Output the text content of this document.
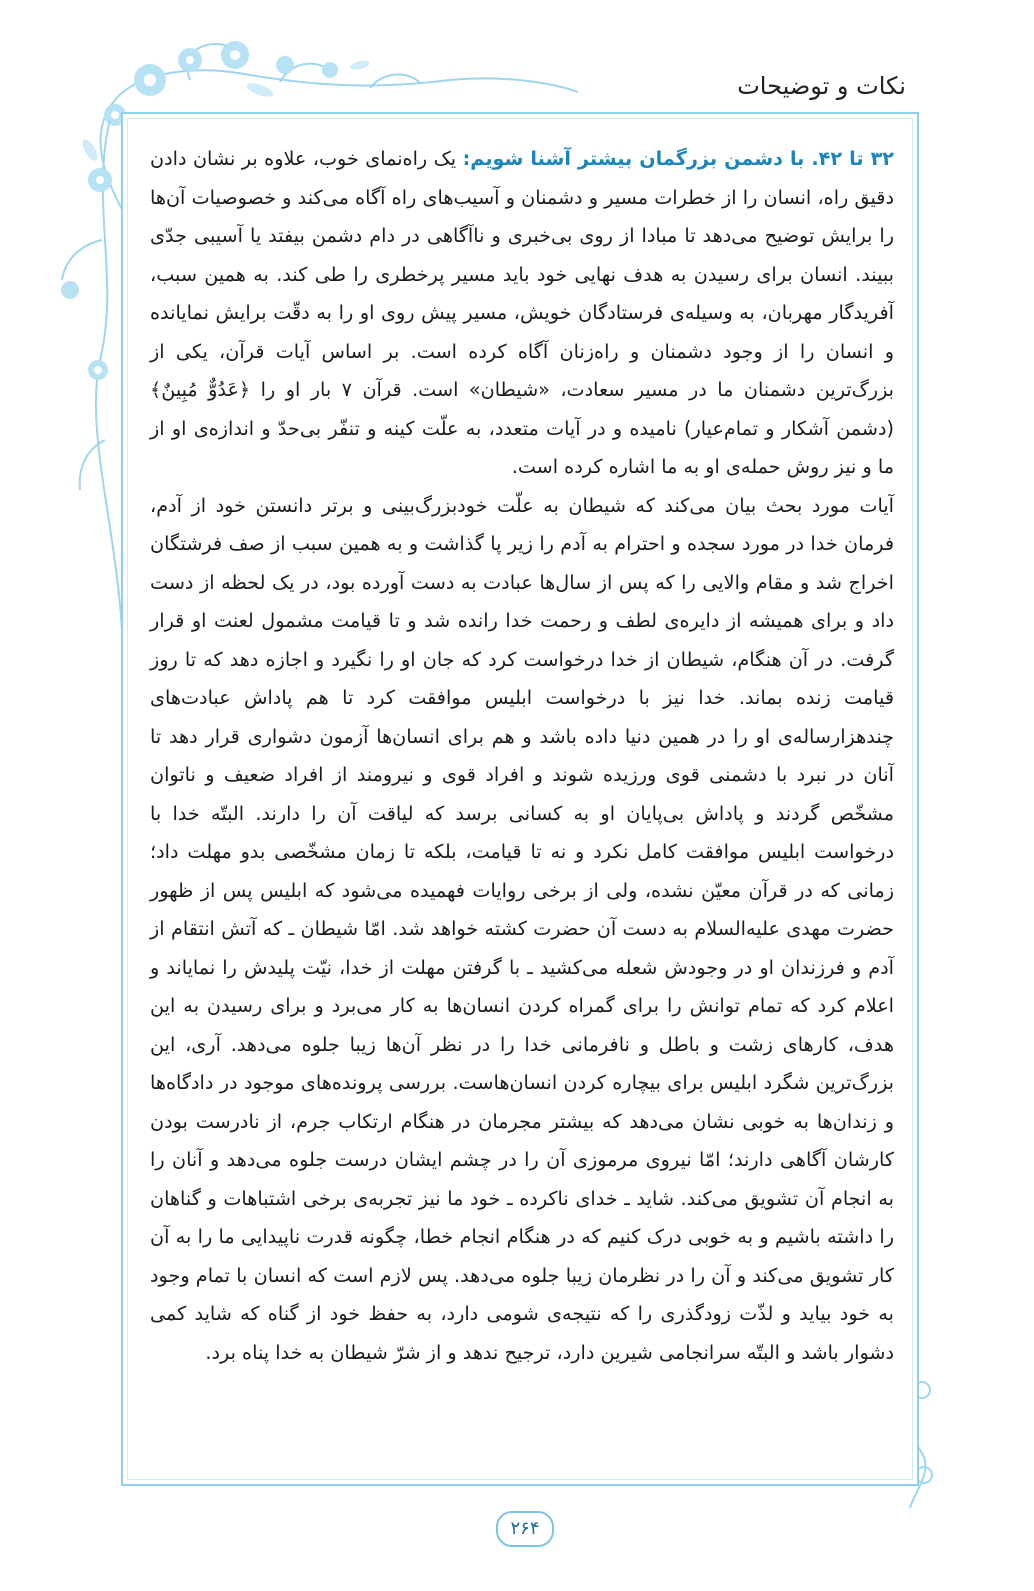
نکات و توضیحات

۳۲ تا ۴۲. با دشمن بزرگمان بیشتر آشنا شویم: یک راه‌نمای خوب، علاوه بر نشان دادن دقیق راه، انسان را از خطرات مسیر و دشمنان و آسیب‌های راه آگاه می‌کند و خصوصیات آن‌ها را برایش توضیح می‌دهد تا مبادا از روی بی‌خبری و ناآگاهی در دام دشمن بیفتد یا آسیبی جدّی ببیند. انسان برای رسیدن به هدف نهایی خود باید مسیر پرخطری را طی کند. به همین سبب، آفریدگار مهربان، به وسیله‌ی فرستادگان خویش، مسیر پیش روی او را به دقّت برایش نمایانده و انسان را از وجود دشمنان و راه‌زنان آگاه کرده است. بر اساس آیات قرآن، یکی از بزرگ‌ترین دشمنان ما در مسیر سعادت، «شیطان» است. قرآن ۷ بار او را ﴿عَدُوٌّ مُبِينٌ﴾ (دشمن آشکار و تمام‌عیار) نامیده و در آیات متعدد، به علّت کینه و تنفّر بی‌حدّ و اندازه‌ی او از ما و نیز روش حمله‌ی او به ما اشاره کرده است.

آیات مورد بحث بیان می‌کند که شیطان به علّت خودبزرگ‌بینی و برتر دانستن خود از آدم، فرمان خدا در مورد سجده و احترام به آدم را زیر پا گذاشت و به همین سبب از صف فرشتگان اخراج شد و مقام والایی را که پس از سال‌ها عبادت به دست آورده بود، در یک لحظه از دست داد و برای همیشه از دایره‌ی لطف و رحمت خدا رانده شد و تا قیامت مشمول لعنت او قرار گرفت. در آن هنگام، شیطان از خدا درخواست کرد که جان او را نگیرد و اجازه دهد که تا روز قیامت زنده بماند. خدا نیز با درخواست ابلیس موافقت کرد تا هم پاداش عبادت‌های چندهزارساله‌ی او را در همین دنیا داده باشد و هم برای انسان‌ها آزمون دشواری قرار دهد تا آنان در نبرد با دشمنی قوی ورزیده شوند و افراد قوی و نیرومند از افراد ضعیف و ناتوان مشخّص گردند و پاداش بی‌پایان او به کسانی برسد که لیاقت آن را دارند. البتّه خدا با درخواست ابلیس موافقت کامل نکرد و نه تا قیامت، بلکه تا زمان مشخّصی بدو مهلت داد؛ زمانی که در قرآن معیّن نشده، ولی از برخی روایات فهمیده می‌شود که ابلیس پس از ظهور حضرت مهدی علیه‌السلام به دست آن حضرت کشته خواهد شد. امّا شیطان ـ که آتش انتقام از آدم و فرزندان او در وجودش شعله می‌کشید ـ با گرفتن مهلت از خدا، نیّت پلیدش را نمایاند و اعلام کرد که تمام توانش را برای گمراه کردن انسان‌ها به کار می‌برد و برای رسیدن به این هدف، کارهای زشت و باطل و نافرمانی خدا را در نظر آن‌ها زیبا جلوه می‌دهد. آری، این بزرگ‌ترین شگرد ابلیس برای بیچاره کردن انسان‌هاست. بررسی پرونده‌های موجود در دادگاه‌ها و زندان‌ها به خوبی نشان می‌دهد که بیشتر مجرمان در هنگام ارتکاب جرم، از نادرست بودن کارشان آگاهی دارند؛ امّا نیروی مرموزی آن را در چشم ایشان درست جلوه می‌دهد و آنان را به انجام آن تشویق می‌کند. شاید ـ خدای ناکرده ـ خود ما نیز تجربه‌ی برخی اشتباهات و گناهان را داشته باشیم و به خوبی درک کنیم که در هنگام انجام خطا، چگونه قدرت ناپیدایی ما را به آن کار تشویق می‌کند و آن را در نظرمان زیبا جلوه می‌دهد. پس لازم است که انسان با تمام وجود به خود بیاید و لذّت زودگذری را که نتیجه‌ی شومی دارد، به حفظ خود از گناه که شاید کمی دشوار باشد و البتّه سرانجامی شیرین دارد، ترجیح ندهد و از شرّ شیطان به خدا پناه برد.

۲۶۴
